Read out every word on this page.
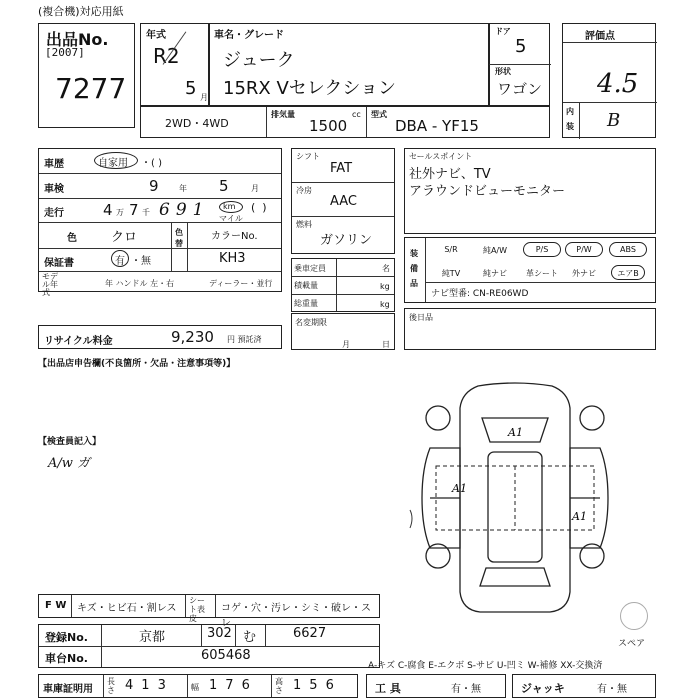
(複合機)対応用紙
出品No.
[2007]
7277
年式
R2
5 月
車名・グレード
ジューク
15RX Vセレクション
ドア
5
形状
ワゴン
評価点
4.5
内
装 B
2WD・4WD
排気量
1500
cc 型式
DBA - YF15
車歴	自家用 ・( )
車検	9	年 5	月
走行	4 万 7 千 691 km
マイル
(  )
色	クロ	色替
カラーNo.
KH3
保証書	有 ・無
モデル年式
年 ハンドル 左・右	ディーラー・並行
リサイクル料金	9,230 円 預託済
シフト
FAT
冷房
AAC
燃料
ガソリン
乗車定員	名
積載量	kg
総重量	kg
名変期限
月	日
セールスポイント
社外ナビ、TV
アラウンドビューモニター
装備品
S/R	純A/W	P/S	P/W	ABS
純TV	純ナビ	革シート	外ナビ	エアB
ナビ型番: CN-RE06WD
後日品
【出品店申告欄(不良箇所・欠品・注意事項等)】
【検査員記入】
A/w ガ
A1
A1
A1
F W キズ・ヒビ石・割レス
シート表皮
コゲ・穴・汚レ・シミ・破レ・スレ
スペア
登録No.	京都	302 む	6627
車台No.	605468
A-キズ C-腐食 E-エクボ S-サビ U-凹ミ W-補修 XX-交換済
車庫証明用
長さ 413 幅 176 高さ 156	工 具	有・無	ジャッキ	有・無
